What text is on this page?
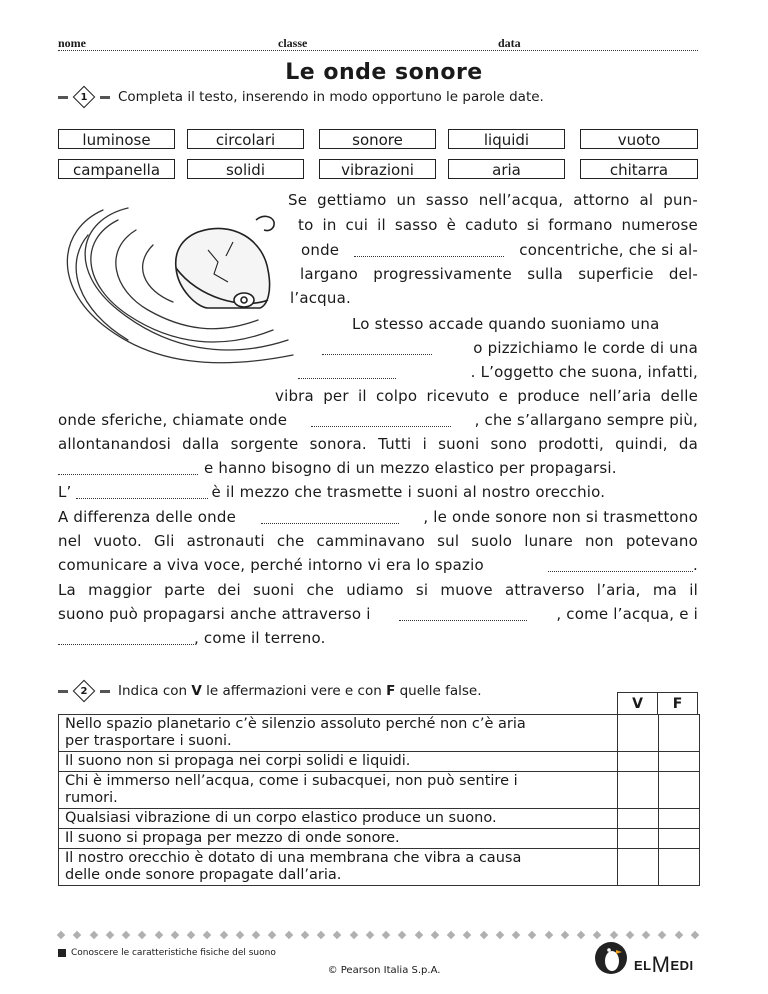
nome	classe	data
Le onde sonore
1 Completa il testo, inserendo in modo opportuno le parole date.
luminose	circolari	sonore	liquidi	vuoto
campanella	solidi	vibrazioni	aria	chitarra
Se gettiamo un sasso nell’acqua, attorno al pun-
to in cui il sasso è caduto si formano numerose
onde	concentriche, che si al-
largano progressivamente sulla superficie del-
l’acqua.
Lo stesso accade quando suoniamo una
o pizzichiamo le corde di una
. L’oggetto che suona, infatti,
vibra per il colpo ricevuto e produce nell’aria delle
onde sferiche, chiamate onde	, che s’allargano sempre più,
allontanandosi dalla sorgente sonora. Tutti i suoni sono prodotti, quindi, da
e hanno bisogno di un mezzo elastico per propagarsi.
L’	è il mezzo che trasmette i suoni al nostro orecchio.
A differenza delle onde	, le onde sonore non si trasmettono
nel vuoto. Gli astronauti che camminavano sul suolo lunare non potevano
comunicare a viva voce, perché intorno vi era lo spazio	.
La maggior parte dei suoni che udiamo si muove attraverso l’aria, ma il
suono può propagarsi anche attraverso i	, come l’acqua, e i
, come il terreno.
2 Indica con V le affermazioni vere e con F quelle false.
V	F
Nello spazio planetario c’è silenzio assoluto perché non c’è aria
per trasportare i suoni.		
Il suono non si propaga nei corpi solidi e liquidi.		
Chi è immerso nell’acqua, come i subacquei, non può sentire i
rumori.		
Qualsiasi vibrazione di un corpo elastico produce un suono.		
Il suono si propaga per mezzo di onde sonore.		
Il nostro orecchio è dotato di una membrana che vibra a causa
delle onde sonore propagate dall’aria.		
Conoscere le caratteristiche fisiche del suono
© Pearson Italia S.p.A.	ELMEDI
